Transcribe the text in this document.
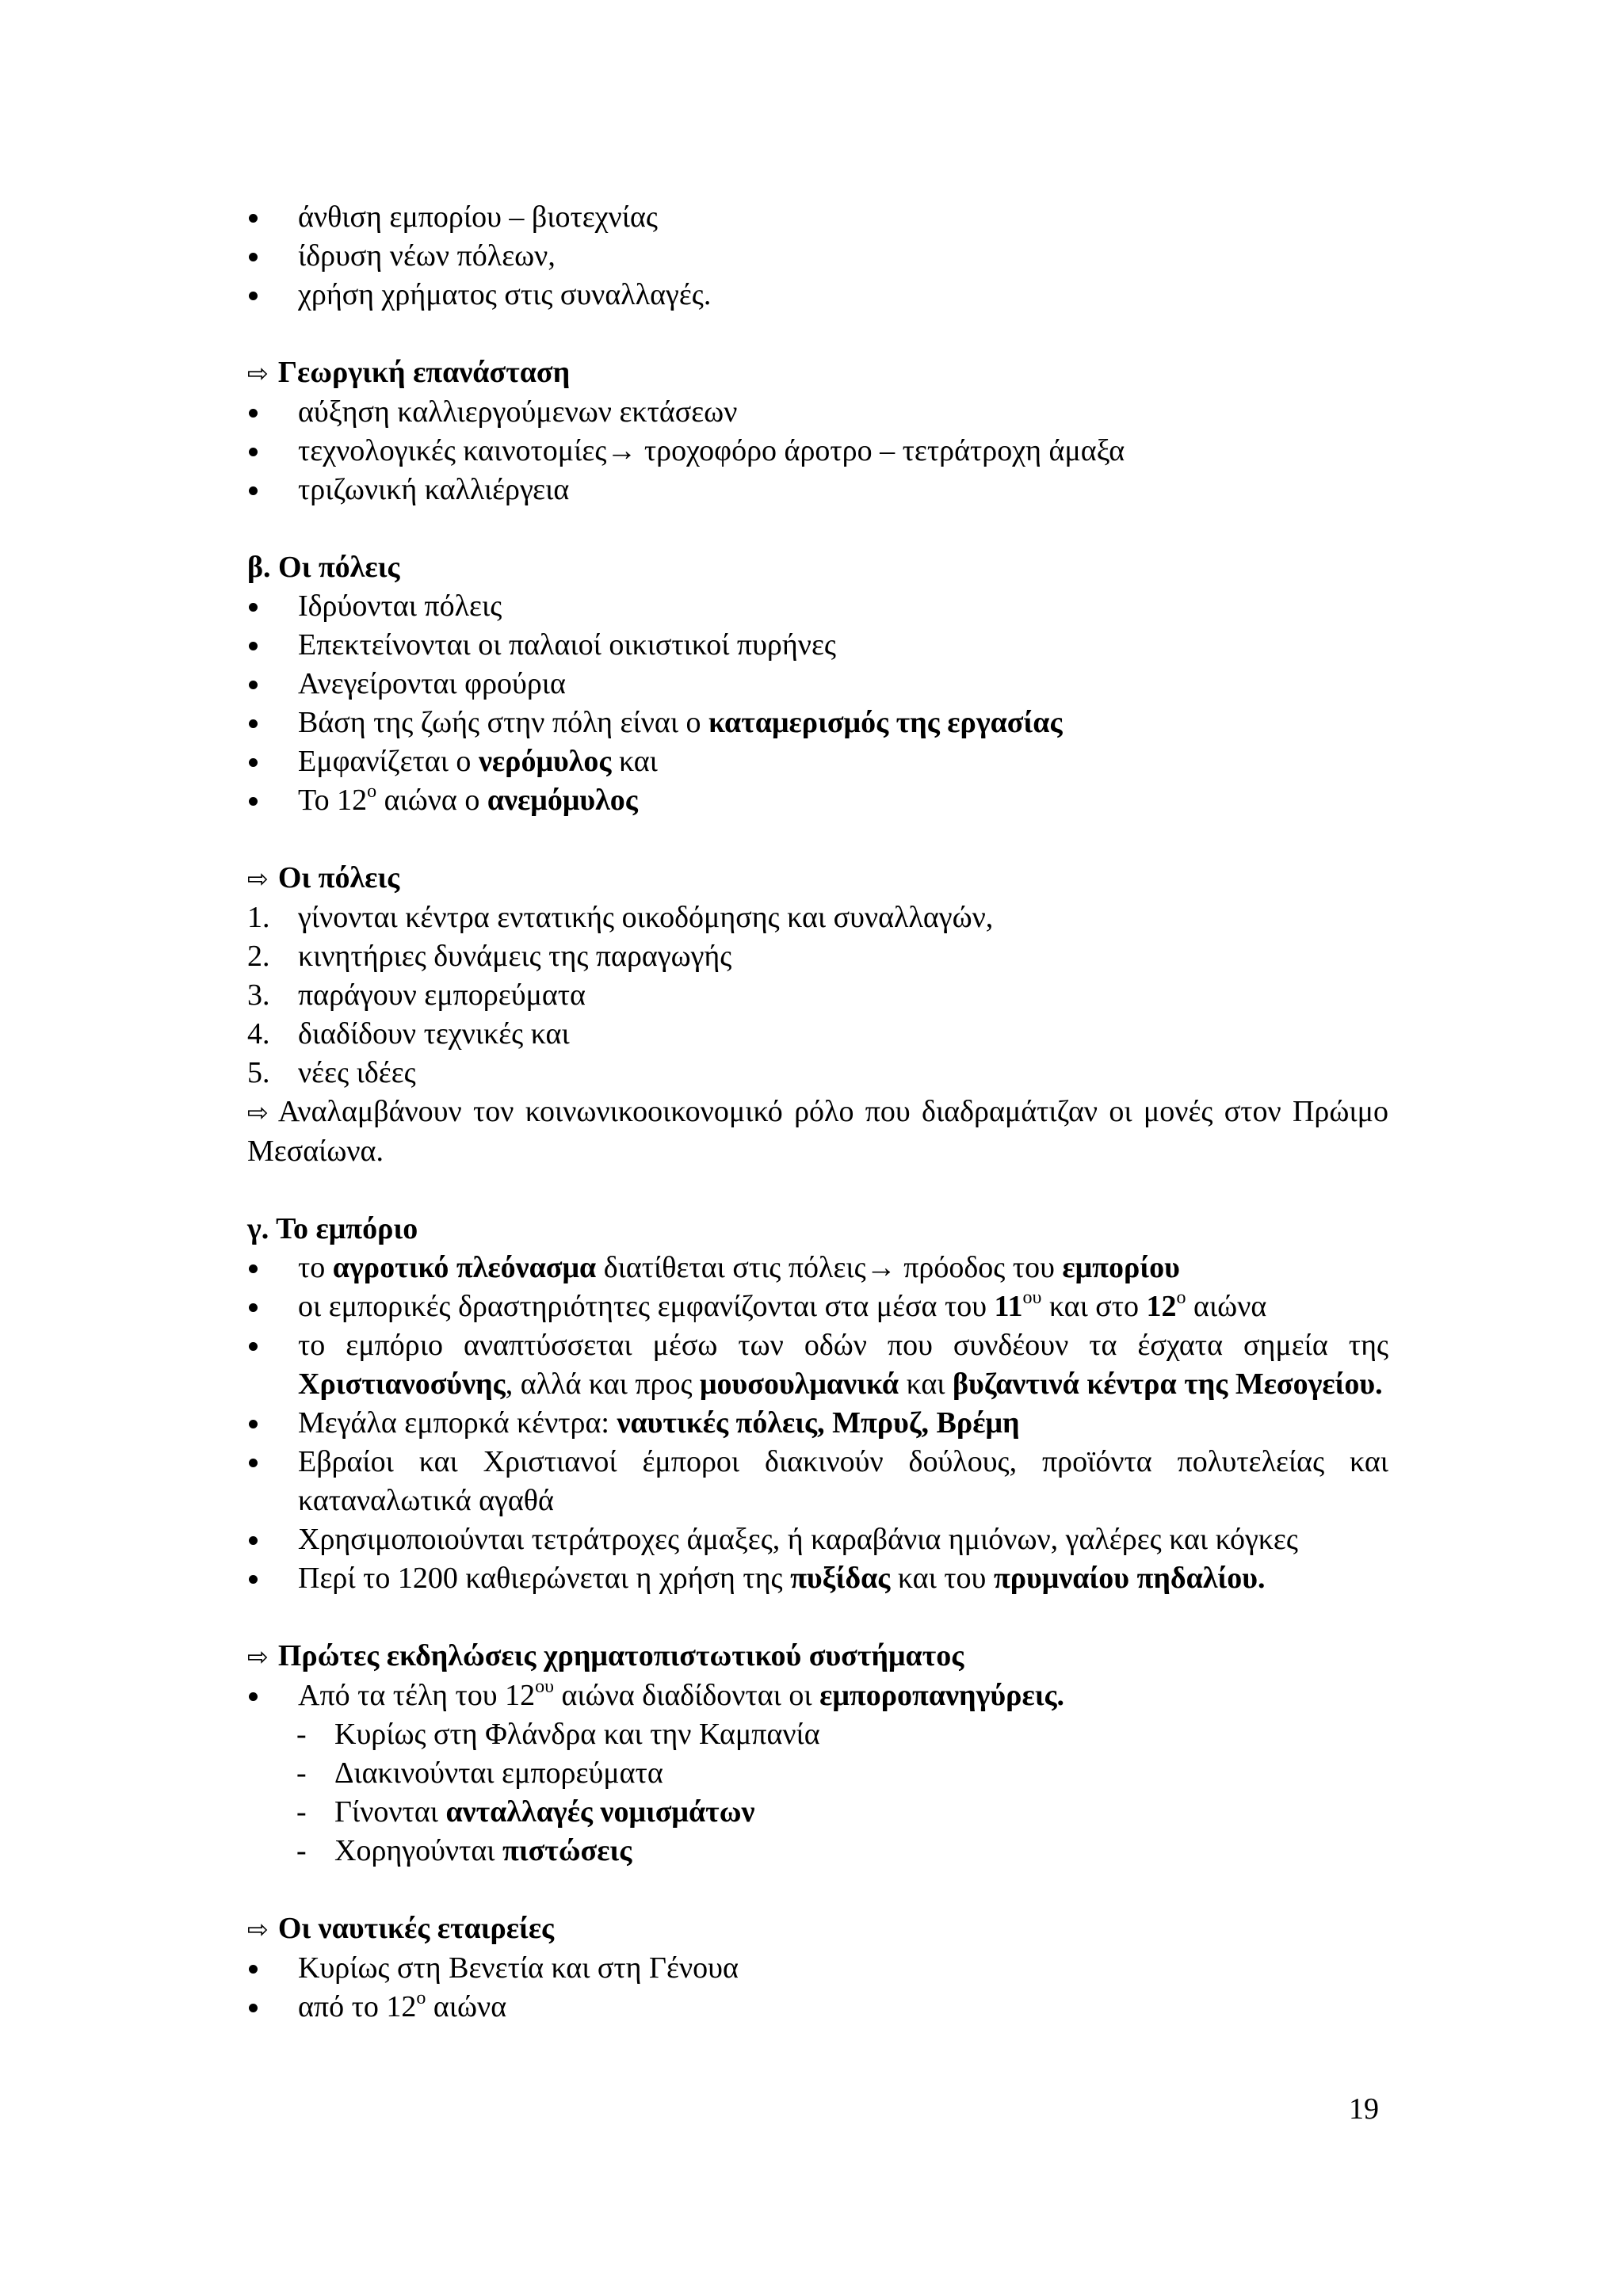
άνθιση εμπορίου – βιοτεχνίας
ίδρυση νέων πόλεων,
χρήση χρήματος στις συναλλαγές.
⇨ Γεωργική επανάσταση
αύξηση καλλιεργούμενων εκτάσεων
τεχνολογικές καινοτομίες→ τροχοφόρο άροτρο – τετράτροχη άμαξα
τριζωνική καλλιέργεια
β. Οι πόλεις
Ιδρύονται πόλεις
Επεκτείνονται οι παλαιοί οικιστικοί πυρήνες
Ανεγείρονται φρούρια
Βάση της ζωής στην πόλη είναι ο καταμερισμός της εργασίας
Εμφανίζεται ο νερόμυλος και
Το $12^o$ αιώνα ο ανεμόμυλος
⇨ Οι πόλεις
1. γίνονται κέντρα εντατικής οικοδόμησης και συναλλαγών,
2. κινητήριες δυνάμεις της παραγωγής
3. παράγουν εμπορεύματα
4. διαδίδουν τεχνικές και
5. νέες ιδέες
⇨ Αναλαμβάνουν τον κοινωνικοοικονομικό ρόλο που διαδραμάτιζαν οι μονές στον Πρώιμο Μεσαίωνα.
γ. Το εμπόριο
το αγροτικό πλεόνασμα διατίθεται στις πόλεις→ πρόοδος του εμπορίου
οι εμπορικές δραστηριότητες εμφανίζονται στα μέσα του $11^{o\upsilon}$ και στο $12^o$ αιώνα
το εμπόριο αναπτύσσεται μέσω των οδών που συνδέουν τα έσχατα σημεία της Χριστιανοσύνης, αλλά και προς μουσουλμανικά και βυζαντινά κέντρα της Μεσογείου.
Μεγάλα εμπορκά κέντρα: ναυτικές πόλεις, Μπρυζ, Βρέμη
Εβραίοι και Χριστιανοί έμποροι διακινούν δούλους, προϊόντα πολυτελείας και καταναλωτικά αγαθά
Χρησιμοποιούνται τετράτροχες άμαξες, ή καραβάνια ημιόνων, γαλέρες και κόγκες
Περί το 1200 καθιερώνεται η χρήση της πυξίδας και του πρυμναίου πηδαλίου.
⇨ Πρώτες εκδηλώσεις χρηματοπιστωτικού συστήματος
Από τα τέλη του $12^{o\upsilon}$ αιώνα διαδίδονται οι εμποροπανηγύρεις.
- Κυρίως στη Φλάνδρα και την Καμπανία
- Διακινούνται εμπορεύματα
- Γίνονται ανταλλαγές νομισμάτων
- Χορηγούνται πιστώσεις
⇨ Οι ναυτικές εταιρείες
Κυρίως στη Βενετία και στη Γένουα
από το $12^o$ αιώνα
19
